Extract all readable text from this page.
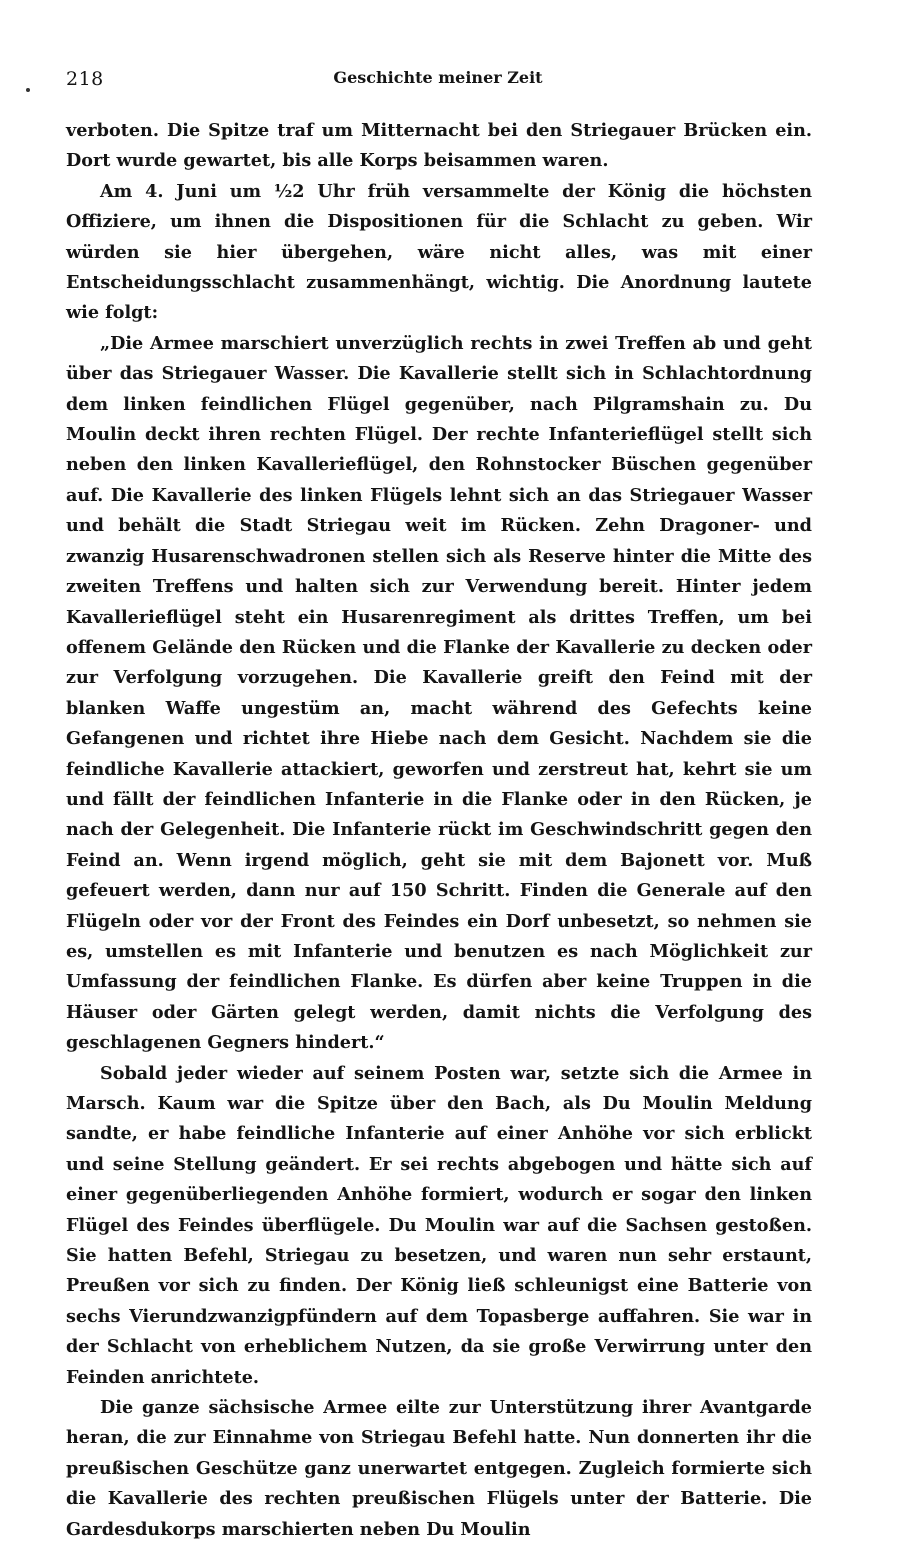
218	Geschichte meiner Zeit

verboten. Die Spitze traf um Mitternacht bei den Striegauer Brücken ein. Dort wurde gewartet, bis alle Korps beisammen waren.

Am 4. Juni um ½2 Uhr früh versammelte der König die höchsten Offiziere, um ihnen die Dispositionen für die Schlacht zu geben. Wir würden sie hier übergehen, wäre nicht alles, was mit einer Entscheidungsschlacht zusammenhängt, wichtig. Die Anordnung lautete wie folgt:

„Die Armee marschiert unverzüglich rechts in zwei Treffen ab und geht über das Striegauer Wasser. Die Kavallerie stellt sich in Schlachtordnung dem linken feindlichen Flügel gegenüber, nach Pilgramshain zu. Du Moulin deckt ihren rechten Flügel. Der rechte Infanterieflügel stellt sich neben den linken Kavallerieflügel, den Rohnstocker Büschen gegenüber auf. Die Kavallerie des linken Flügels lehnt sich an das Striegauer Wasser und behält die Stadt Striegau weit im Rücken. Zehn Dragoner- und zwanzig Husarenschwadronen stellen sich als Reserve hinter die Mitte des zweiten Treffens und halten sich zur Verwendung bereit. Hinter jedem Kavallerieflügel steht ein Husarenregiment als drittes Treffen, um bei offenem Gelände den Rücken und die Flanke der Kavallerie zu decken oder zur Verfolgung vorzugehen. Die Kavallerie greift den Feind mit der blanken Waffe ungestüm an, macht während des Gefechts keine Gefangenen und richtet ihre Hiebe nach dem Gesicht. Nachdem sie die feindliche Kavallerie attackiert, geworfen und zerstreut hat, kehrt sie um und fällt der feindlichen Infanterie in die Flanke oder in den Rücken, je nach der Gelegenheit. Die Infanterie rückt im Geschwindschritt gegen den Feind an. Wenn irgend möglich, geht sie mit dem Bajonett vor. Muß gefeuert werden, dann nur auf 150 Schritt. Finden die Generale auf den Flügeln oder vor der Front des Feindes ein Dorf unbesetzt, so nehmen sie es, umstellen es mit Infanterie und benutzen es nach Möglichkeit zur Umfassung der feindlichen Flanke. Es dürfen aber keine Truppen in die Häuser oder Gärten gelegt werden, damit nichts die Verfolgung des geschlagenen Gegners hindert.“

Sobald jeder wieder auf seinem Posten war, setzte sich die Armee in Marsch. Kaum war die Spitze über den Bach, als Du Moulin Meldung sandte, er habe feindliche Infanterie auf einer Anhöhe vor sich erblickt und seine Stellung geändert. Er sei rechts abgebogen und hätte sich auf einer gegenüberliegenden Anhöhe formiert, wodurch er sogar den linken Flügel des Feindes überflügele. Du Moulin war auf die Sachsen gestoßen. Sie hatten Befehl, Striegau zu besetzen, und waren nun sehr erstaunt, Preußen vor sich zu finden. Der König ließ schleunigst eine Batterie von sechs Vierundzwanzigpfündern auf dem Topasberge auffahren. Sie war in der Schlacht von erheblichem Nutzen, da sie große Verwirrung unter den Feinden anrichtete.

Die ganze sächsische Armee eilte zur Unterstützung ihrer Avantgarde heran, die zur Einnahme von Striegau Befehl hatte. Nun donnerten ihr die preußischen Geschütze ganz unerwartet entgegen. Zugleich formierte sich die Kavallerie des rechten preußischen Flügels unter der Batterie. Die Gardesdukorps marschierten neben Du Moulin
